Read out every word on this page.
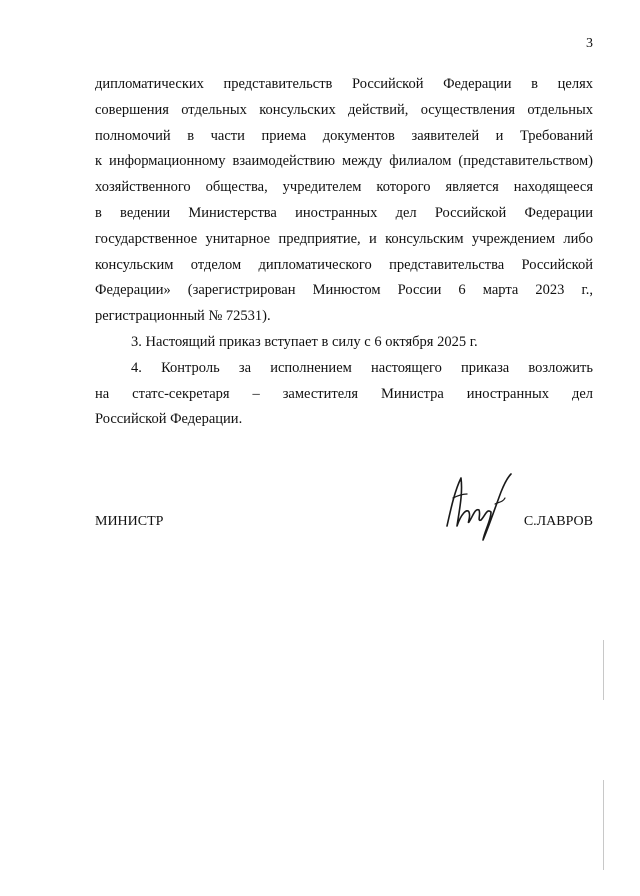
3
дипломатических представительств Российской Федерации в целях
совершения отдельных консульских действий, осуществления отдельных
полномочий в части приема документов заявителей и Требований
к информационному взаимодействию между филиалом (представительством)
хозяйственного общества, учредителем которого является находящееся
в ведении Министерства иностранных дел Российской Федерации
государственное унитарное предприятие, и консульским учреждением либо
консульским отделом дипломатического представительства Российской
Федерации» (зарегистрирован Минюстом России 6 марта 2023 г.,
регистрационный № 72531).
3. Настоящий приказ вступает в силу с 6 октября 2025 г.
4. Контроль за исполнением настоящего приказа возложить
на статс-секретаря – заместителя Министра иностранных дел
Российской Федерации.
МИНИСТР	С.ЛАВРОВ
